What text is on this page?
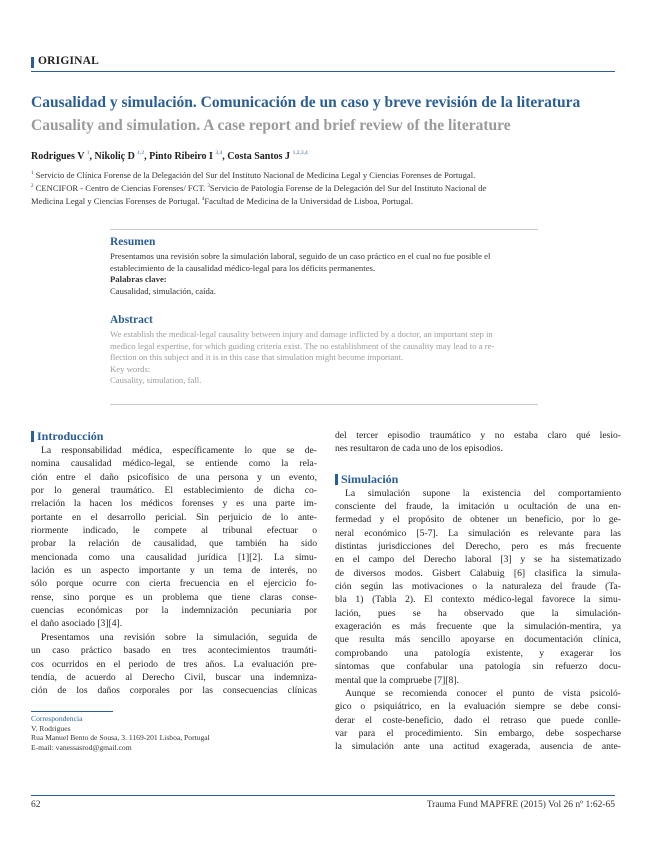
ORIGINAL
Causalidad y simulación. Comunicación de un caso y breve revisión de la literatura
Causality and simulation. A case report and brief review of the literature
Rodrigues V $^1$, Nikoliç D $^{1,2}$, Pinto Ribeiro I $^{3,4}$, Costa Santos J $^{1,2,3,4}$
$^1$ Servicio de Clínica Forense de la Delegación del Sur del Instituto Nacional de Medicina Legal y Ciencias Forenses de Portugal.
$^2$ CENCIFOR - Centro de Ciencias Forenses/ FCT. $^3$Servicio de Patología Forense de la Delegación del Sur del Instituto Nacional de
Medicina Legal y Ciencias Forenses de Portugal. $^4$Facultad de Medicina de la Universidad de Lisboa, Portugal.
Resumen
Presentamos una revisión sobre la simulación laboral, seguido de un caso práctico en el cual no fue posible el
establecimiento de la causalidad médico-legal para los déficits permanentes.
Palabras clave:
Causalidad, simulación, caída.
Abstract
We establish the medical-legal causality between injury and damage inflicted by a doctor, an important step in
medico legal expertise, for which guiding criteria exist. The no establishment of the causality may lead to a re-
flection on this subject and it is in this case that simulation might become important.
Key words:
Causality, simulation, fall.
Introducción
La responsabilidad médica, específicamente lo que se de-
nomina causalidad médico-legal, se entiende como la rela-
ción entre el daño psicofísico de una persona y un evento,
por lo general traumático. El establecimiento de dicha co-
rrelación la hacen los médicos forenses y es una parte im-
portante en el desarrollo pericial. Sin perjuicio de lo ante-
riormente indicado, le compete al tribunal efectuar o
probar la relación de causalidad, que también ha sido
mencionada como una causalidad jurídica [1][2]. La simu-
lación es un aspecto importante y un tema de interés, no
sólo porque ocurre con cierta frecuencia en el ejercicio fo-
rense, sino porque es un problema que tiene claras conse-
cuencias económicas por la indemnización pecuniaria por
el daño asociado [3][4].
Presentamos una revisión sobre la simulación, seguida de
un caso práctico basado en tres acontecimientos traumáti-
cos ocurridos en el periodo de tres años. La evaluación pre-
tendía, de acuerdo al Derecho Civil, buscar una indemniza-
ción de los daños corporales por las consecuencias clínicas
del tercer episodio traumático y no estaba claro qué lesio-
nes resultaron de cada uno de los episodios.
Simulación
La simulación supone la existencia del comportamiento
consciente del fraude, la imitación u ocultación de una en-
fermedad y el propósito de obtener un beneficio, por lo ge-
neral económico [5-7]. La simulación es relevante para las
distintas jurisdicciones del Derecho, pero es más frecuente
en el campo del Derecho laboral [3] y se ha sistematizado
de diversos modos. Gisbert Calabuig [6] clasifica la simula-
ción según las motivaciones o la naturaleza del fraude (Ta-
bla 1) (Tabla 2). El contexto médico-legal favorece la simu-
lación, pues se ha observado que la simulación-
exageración es más frecuente que la simulación-mentira, ya
que resulta más sencillo apoyarse en documentación clínica,
comprobando una patología existente, y exagerar los
síntomas que confabular una patología sin refuerzo docu-
mental que la compruebe [7][8].
Aunque se recomienda conocer el punto de vista psicoló-
gico o psiquiátrico, en la evaluación siempre se debe consi-
derar el coste-beneficio, dado el retraso que puede conlle-
var para el procedimiento. Sin embargo, debe sospecharse
la simulación ante una actitud exagerada, ausencia de ante-
Correspondencia
V. Rodrigues
Rua Manuel Bento de Sousa, 3. 1169-201 Lisboa, Portugal
E-mail: vanessasrod@gmail.com
62	Trauma Fund MAPFRE (2015) Vol 26 nº 1:62-65
